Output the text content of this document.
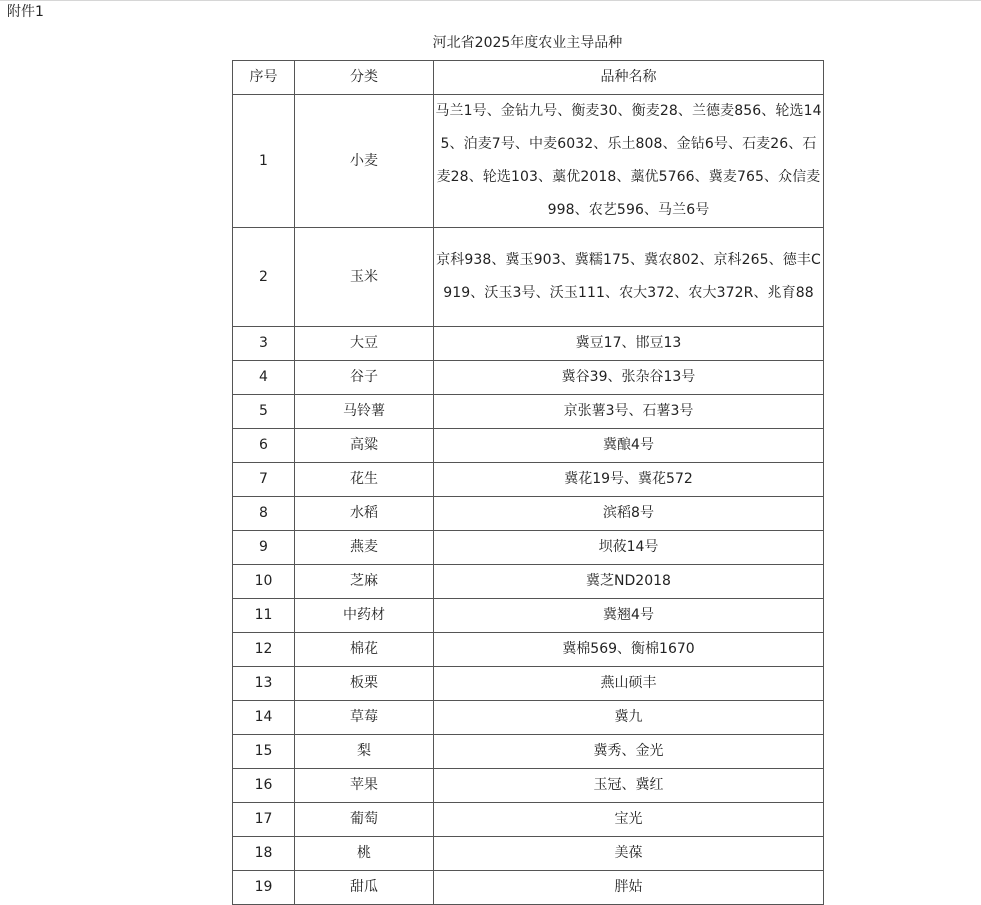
附件1
河北省2025年度农业主导品种
序号	分类	品种名称
1	小麦	马兰1号、金钻九号、衡麦30、衡麦28、兰德麦856、轮选145、泊麦7号、中麦6032、乐土808、金钻6号、石麦26、石麦28、轮选103、藁优2018、藁优5766、冀麦765、众信麦998、农艺596、马兰6号
2	玉米	京科938、冀玉903、冀糯175、冀农802、京科265、德丰C919、沃玉3号、沃玉111、农大372、农大372R、兆育88
3	大豆	冀豆17、邯豆13
4	谷子	冀谷39、张杂谷13号
5	马铃薯	京张薯3号、石薯3号
6	高粱	冀酿4号
7	花生	冀花19号、冀花572
8	水稻	滨稻8号
9	燕麦	坝莜14号
10	芝麻	冀芝ND2018
11	中药材	冀翘4号
12	棉花	冀棉569、衡棉1670
13	板栗	燕山硕丰
14	草莓	冀九
15	梨	冀秀、金光
16	苹果	玉冠、冀红
17	葡萄	宝光
18	桃	美葆
19	甜瓜	胖姑
